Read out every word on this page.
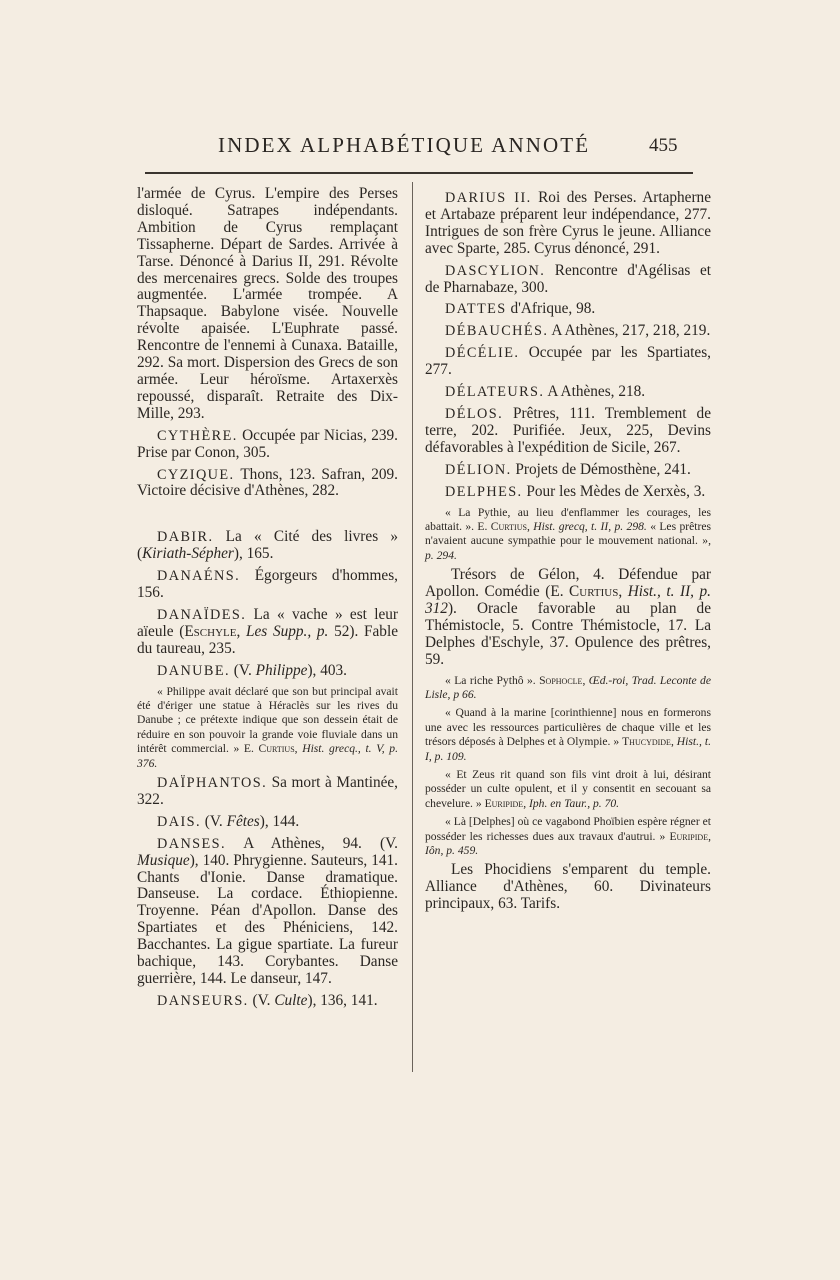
INDEX ALPHABÉTIQUE ANNOTÉ	455

l'armée de Cyrus. L'empire des Perses disloqué. Satrapes indépendants. Ambition de Cyrus remplaçant Tissapherne. Départ de Sardes. Arrivée à Tarse. Dénoncé à Darius II, 291. Révolte des mercenaires grecs. Solde des troupes augmentée. L'armée trompée. A Thapsaque. Babylone visée. Nouvelle révolte apaisée. L'Euphrate passé. Rencontre de l'ennemi à Cunaxa. Bataille, 292. Sa mort. Dispersion des Grecs de son armée. Leur héroïsme. Artaxerxès repoussé, disparaît. Retraite des Dix-Mille, 293.

CYTHÈRE. Occupée par Nicias, 239. Prise par Conon, 305.

CYZIQUE. Thons, 123. Safran, 209. Victoire décisive d'Athènes, 282.

DABIR. La « Cité des livres » (Kiriath-Sépher), 165.

DANAÉNS. Égorgeurs d'hommes, 156.

DANAÏDES. La « vache » est leur aïeule (Eschyle, Les Supp., p. 52). Fable du taureau, 235.

DANUBE. (V. Philippe), 403.

« Philippe avait déclaré que son but principal avait été d'ériger une statue à Héraclès sur les rives du Danube ; ce prétexte indique que son dessein était de réduire en son pouvoir la grande voie fluviale dans un intérêt commercial. » E. Curtius, Hist. grecq., t. V, p. 376.

DAÏPHANTOS. Sa mort à Mantinée, 322.

DAIS. (V. Fêtes), 144.

DANSES. A Athènes, 94. (V. Musique), 140. Phrygienne. Sauteurs, 141. Chants d'Ionie. Danse dramatique. Danseuse. La cordace. Éthiopienne. Troyenne. Péan d'Apollon. Danse des Spartiates et des Phéniciens, 142. Bacchantes. La gigue spartiate. La fureur bachique, 143. Corybantes. Danse guerrière, 144. Le danseur, 147.

DANSEURS. (V. Culte), 136, 141.

DARIUS II. Roi des Perses. Artapherne et Artabaze préparent leur indépendance, 277. Intrigues de son frère Cyrus le jeune. Alliance avec Sparte, 285. Cyrus dénoncé, 291.

DASCYLION. Rencontre d'Agélisas et de Pharnabaze, 300.

DATTES d'Afrique, 98.

DÉBAUCHÉS. A Athènes, 217, 218, 219.

DÉCÉLIE. Occupée par les Spartiates, 277.

DÉLATEURS. A Athènes, 218.

DÉLOS. Prêtres, 111. Tremblement de terre, 202. Purifiée. Jeux, 225, Devins défavorables à l'expédition de Sicile, 267.

DÉLION. Projets de Démosthène, 241.

DELPHES. Pour les Mèdes de Xerxès, 3.

« La Pythie, au lieu d'enflammer les courages, les abattait. ». E. Curtius, Hist. grecq, t. II, p. 298. « Les prêtres n'avaient aucune sympathie pour le mouvement national. », p. 294.

Trésors de Gélon, 4. Défendue par Apollon. Comédie (E. Curtius, Hist., t. II, p. 312). Oracle favorable au plan de Thémistocle, 5. Contre Thémistocle, 17. La Delphes d'Eschyle, 37. Opulence des prêtres, 59.

« La riche Pythô ». Sophocle, Œd.-roi, Trad. Leconte de Lisle, p 66.

« Quand à la marine [corinthienne] nous en formerons une avec les ressources particulières de chaque ville et les trésors déposés à Delphes et à Olympie. » Thucydide, Hist., t. I, p. 109.

« Et Zeus rit quand son fils vint droit à lui, désirant posséder un culte opulent, et il y consentit en secouant sa chevelure. » Euripide, Iph. en Taur., p. 70.

« Là [Delphes] où ce vagabond Phoïbien espère régner et posséder les richesses dues aux travaux d'autrui. » Euripide, Iôn, p. 459.

Les Phocidiens s'emparent du temple. Alliance d'Athènes, 60. Divinateurs principaux, 63. Tarifs.
